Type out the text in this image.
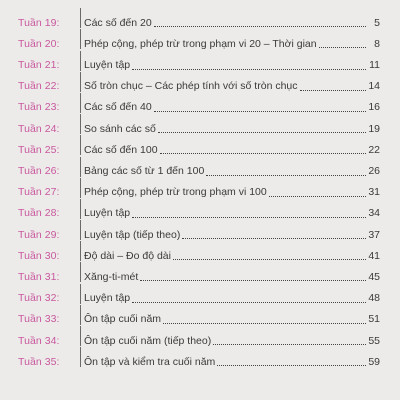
Tuần 19:	Các số đến 20	5
Tuần 20:	Phép cộng, phép trừ trong phạm vi 20 – Thời gian	8
Tuần 21:	Luyện tập	11
Tuần 22:	Số tròn chục – Các phép tính với số tròn chục	14
Tuần 23:	Các số đến 40	16
Tuần 24:	So sánh các số	19
Tuần 25:	Các số đến 100	22
Tuần 26:	Bảng các số từ 1 đến 100	26
Tuần 27:	Phép cộng, phép trừ trong phạm vi 100	31
Tuần 28:	Luyện tập	34
Tuần 29:	Luyện tập (tiếp theo)	37
Tuần 30:	Độ dài – Đo độ dài	41
Tuần 31:	Xăng-ti-mét	45
Tuần 32:	Luyện tập	48
Tuần 33:	Ôn tập cuối năm	51
Tuần 34:	Ôn tập cuối năm (tiếp theo)	55
Tuần 35:	Ôn tập và kiểm tra cuối năm	59
